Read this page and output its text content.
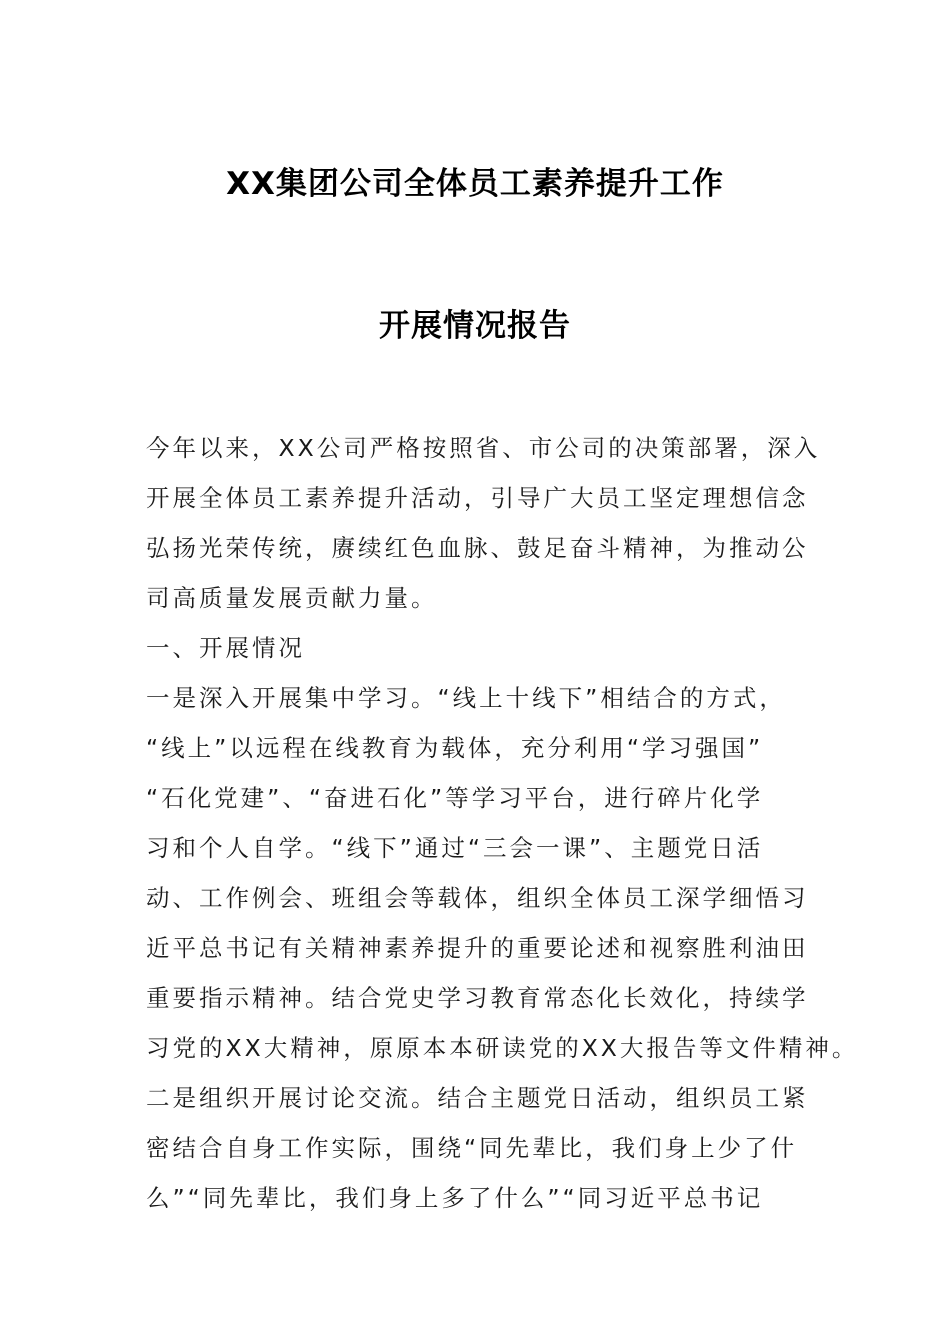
XX集团公司全体员工素养提升工作
开展情况报告
今年以来，XX公司严格按照省、市公司的决策部署，深入
开展全体员工素养提升活动，引导广大员工坚定理想信念
弘扬光荣传统，赓续红色血脉、鼓足奋斗精神，为推动公
司高质量发展贡献力量。
一、开展情况
一是深入开展集中学习。“线上十线下”相结合的方式，
“线上”以远程在线教育为载体，充分利用“学习强国”
“石化党建”、“奋进石化”等学习平台，进行碎片化学
习和个人自学。“线下”通过“三会一课”、主题党日活
动、工作例会、班组会等载体，组织全体员工深学细悟习
近平总书记有关精神素养提升的重要论述和视察胜利油田
重要指示精神。结合党史学习教育常态化长效化，持续学
习党的XX大精神，原原本本研读党的XX大报告等文件精神。
二是组织开展讨论交流。结合主题党日活动，组织员工紧
密结合自身工作实际，围绕“同先辈比，我们身上少了什
么”“同先辈比，我们身上多了什么”“同习近平总书记
